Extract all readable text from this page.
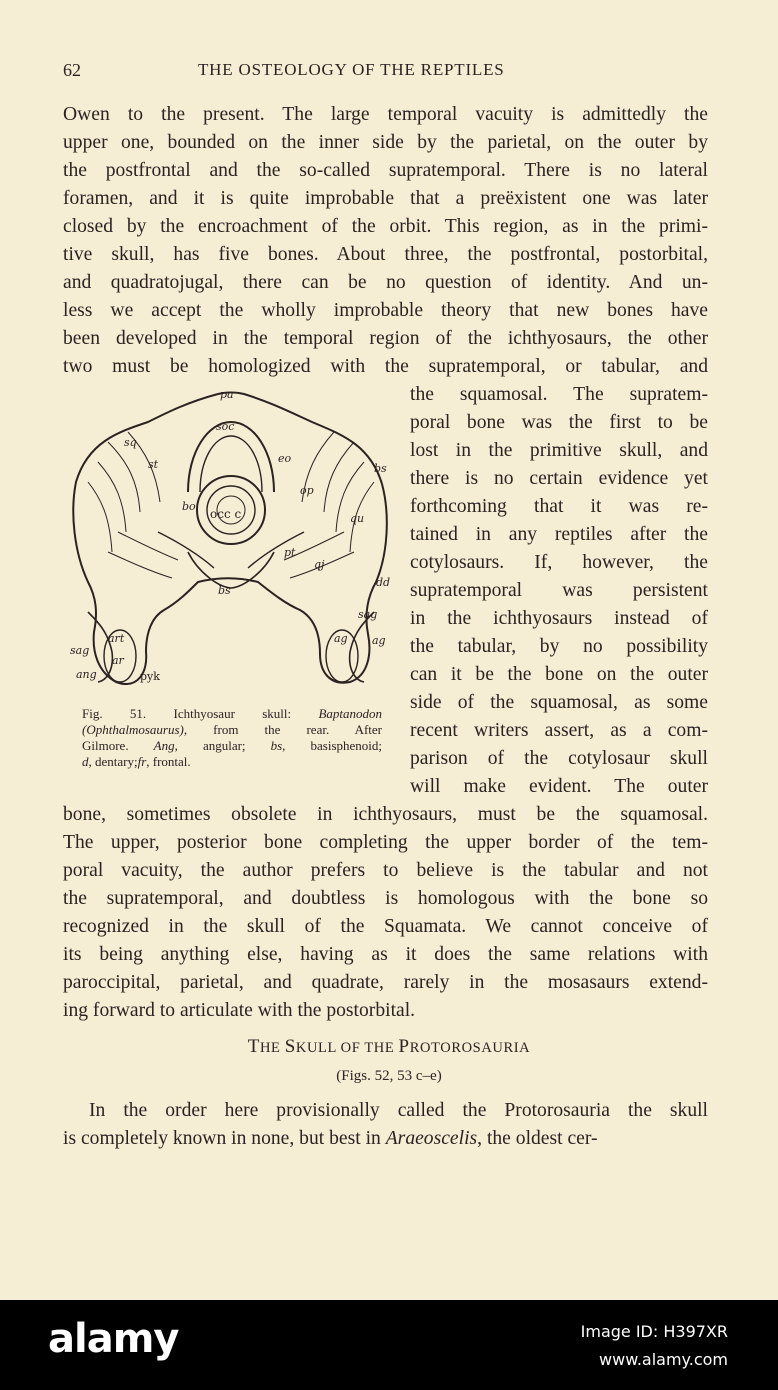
62	THE OSTEOLOGY OF THE REPTILES
Owen to the present. The large temporal vacuity is admittedly the
upper one, bounded on the inner side by the parietal, on the outer by
the postfrontal and the so-called supratemporal. There is no lateral
foramen, and it is quite improbable that a preëxistent one was later
closed by the encroachment of the orbit. This region, as in the primi-
tive skull, has five bones. About three, the postfrontal, postorbital,
and quadratojugal, there can be no question of identity. And un-
less we accept the wholly improbable theory that new bones have
been developed in the temporal region of the ichthyosaurs, the other
two must be homologized with the supratemporal, or tabular, and
the squamosal. The supratem-
poral bone was the first to be
lost in the primitive skull, and
there is no certain evidence yet
forthcoming that it was re-
tained in any reptiles after the
cotylosaurs. If, however, the
supratemporal was persistent
in the ichthyosaurs instead of
the tabular, by no possibility
can it be the bone on the outer
side of the squamosal, as some
recent writers assert, as a com-
parison of the cotylosaur skull
will make evident. The outer
pa
soc
sq
st	eo
occ c
op
qu
bo
qj
pt
bs
bs
sag
ang
ar
ag
sag
ag
art
pyk
dd
Fig. 51. Ichthyosaur skull: Baptanodon
(Ophthalmosaurus), from the rear. After
Gilmore. Ang, angular; bs, basisphenoid;
d, dentary;fr, frontal.
bone, sometimes obsolete in ichthyosaurs, must be the squamosal.
The upper, posterior bone completing the upper border of the tem-
poral vacuity, the author prefers to believe is the tabular and not
the supratemporal, and doubtless is homologous with the bone so
recognized in the skull of the Squamata. We cannot conceive of
its being anything else, having as it does the same relations with
paroccipital, parietal, and quadrate, rarely in the mosasaurs extend-
ing forward to articulate with the postorbital.
THE SKULL OF THE PROTOROSAURIA
(Figs. 52, 53 c–e)
In the order here provisionally called the Protorosauria the skull
is completely known in none, but best in Araeoscelis, the oldest cer-
alamy	Image ID: H397XR
www.alamy.com
